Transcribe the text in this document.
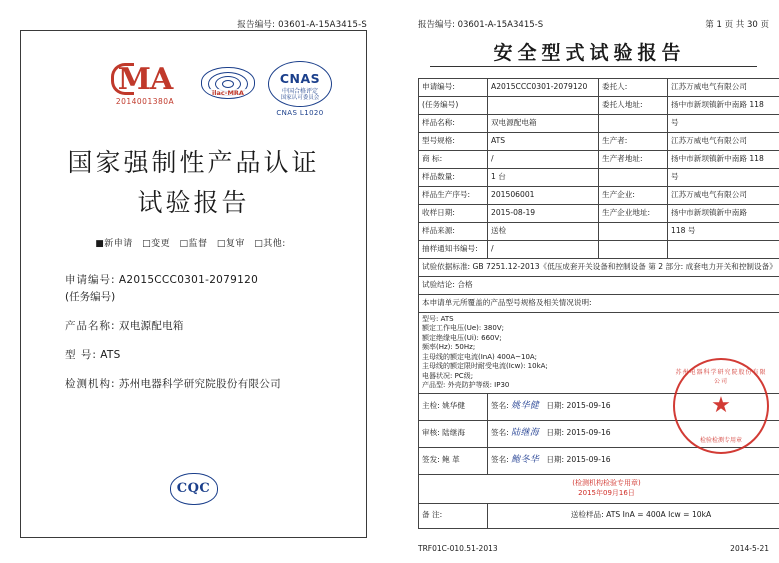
报告编号: 03601-A-15A3415-S
MA
2014001380A
ilac-MRA
CNAS
中国合格评定
国家认可委员会
CNAS L1020
国家强制性产品认证
试验报告
■新申请 □变更 □监督 □复审 □其他:
申请编号: A2015CCC0301-2079120
(任务编号)
产品名称: 双电源配电箱
型 号: ATS
检测机构: 苏州电器科学研究院股份有限公司
CQC
报告编号: 03601-A-15A3415-S	第 1 页 共 30 页
安全型式试验报告
申请编号:	A2015CCC0301-2079120	委托人:	江苏万威电气有限公司
(任务编号)		委托人地址:	扬中市新坝镇新中南路 118
样品名称:	双电源配电箱		号
型号规格:	ATS	生产者:	江苏万威电气有限公司
商 标:	/	生产者地址:	扬中市新坝镇新中南路 118
样品数量:	1 台		号
样品生产序号:	201506001	生产企业:	江苏万威电气有限公司
收样日期:	2015-08-19	生产企业地址:	扬中市新坝镇新中南路
样品来源:	送检		118 号
抽样通知书编号:	/		
试验依据标准: GB 7251.12-2013《低压成套开关设备和控制设备 第 2 部分: 成套电力开关和控制设备》			
试验结论: 合格			
本申请单元所覆盖的产品型号规格及相关情况说明:			

型号: ATS
额定工作电压(Ue): 380V;
额定绝缘电压(Ui): 660V;
频率(Hz): 50Hz;
主母线的额定电流(InA) 400A~10A;
主母线的额定限时耐受电流(Icw): 10kA;
电器状况: PC级;
产品型: 外壳防护等级: IP30

主检: 姚华健	签名: 姚华健 日期: 2015-09-16		
审核: 陆继海	签名: 陆继海 日期: 2015-09-16		
签发: 鲍 革	签名: 鲍冬华 日期: 2015-09-16		

(检测机构检验专用章)
2015年09月16日			

备 注:	送检样品: ATS InA = 400A Icw = 10kA		
苏州电器科学研究院股份有限公司
★
检验检测专用章
TRF01C-010.51-2013	2014-5-21
